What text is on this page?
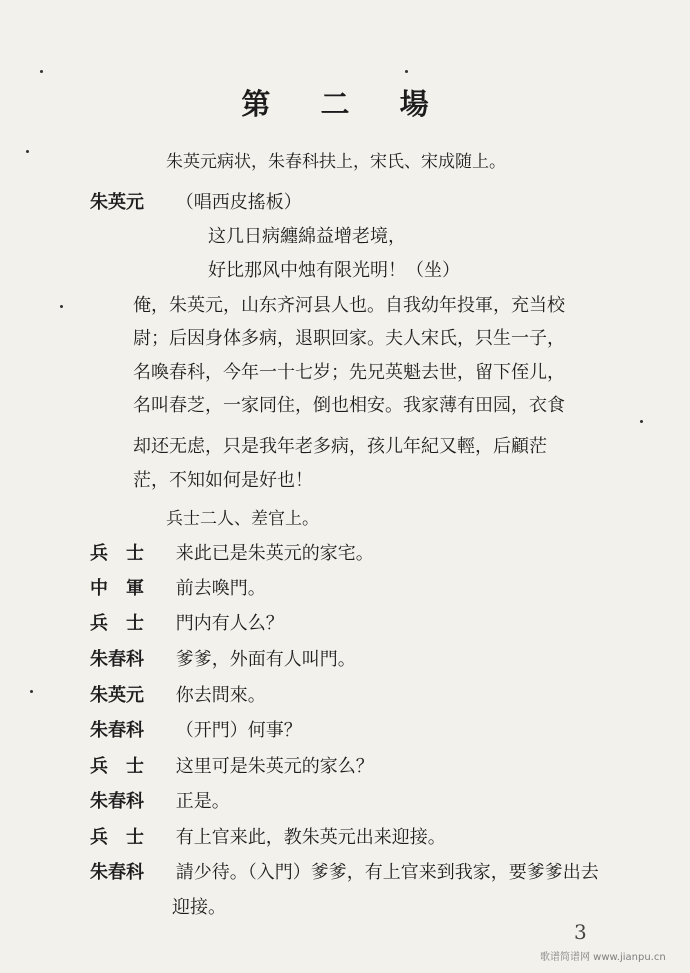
第 二 場
朱英元病状，朱春科扶上，宋氏、宋成随上。
朱英元 （唱西皮搖板）
这几日病纏綿益增老境，
好比那风中烛有限光明！（坐）
俺，朱英元，山东齐河县人也。自我幼年投軍，充当校
尉；后因身体多病，退职回家。夫人宋氏，只生一子，
名喚春科，今年一十七岁；先兄英魁去世，留下侄儿，
名叫春芝，一家同住，倒也相安。我家薄有田园，衣食
却还无虑，只是我年老多病，孩儿年紀又輕，后顧茫
茫，不知如何是好也！
兵士二人、差官上。
兵士 来此已是朱英元的家宅。
中軍 前去喚門。
兵士 門内有人么？
朱春科 爹爹，外面有人叫門。
朱英元 你去問來。
朱春科 （开門）何事？
兵士 这里可是朱英元的家么？
朱春科 正是。
兵士 有上官来此，教朱英元出来迎接。
朱春科 請少待。（入門）爹爹，有上官来到我家，要爹爹出去
迎接。
3
歌谱简谱网 www.jianpu.cn
